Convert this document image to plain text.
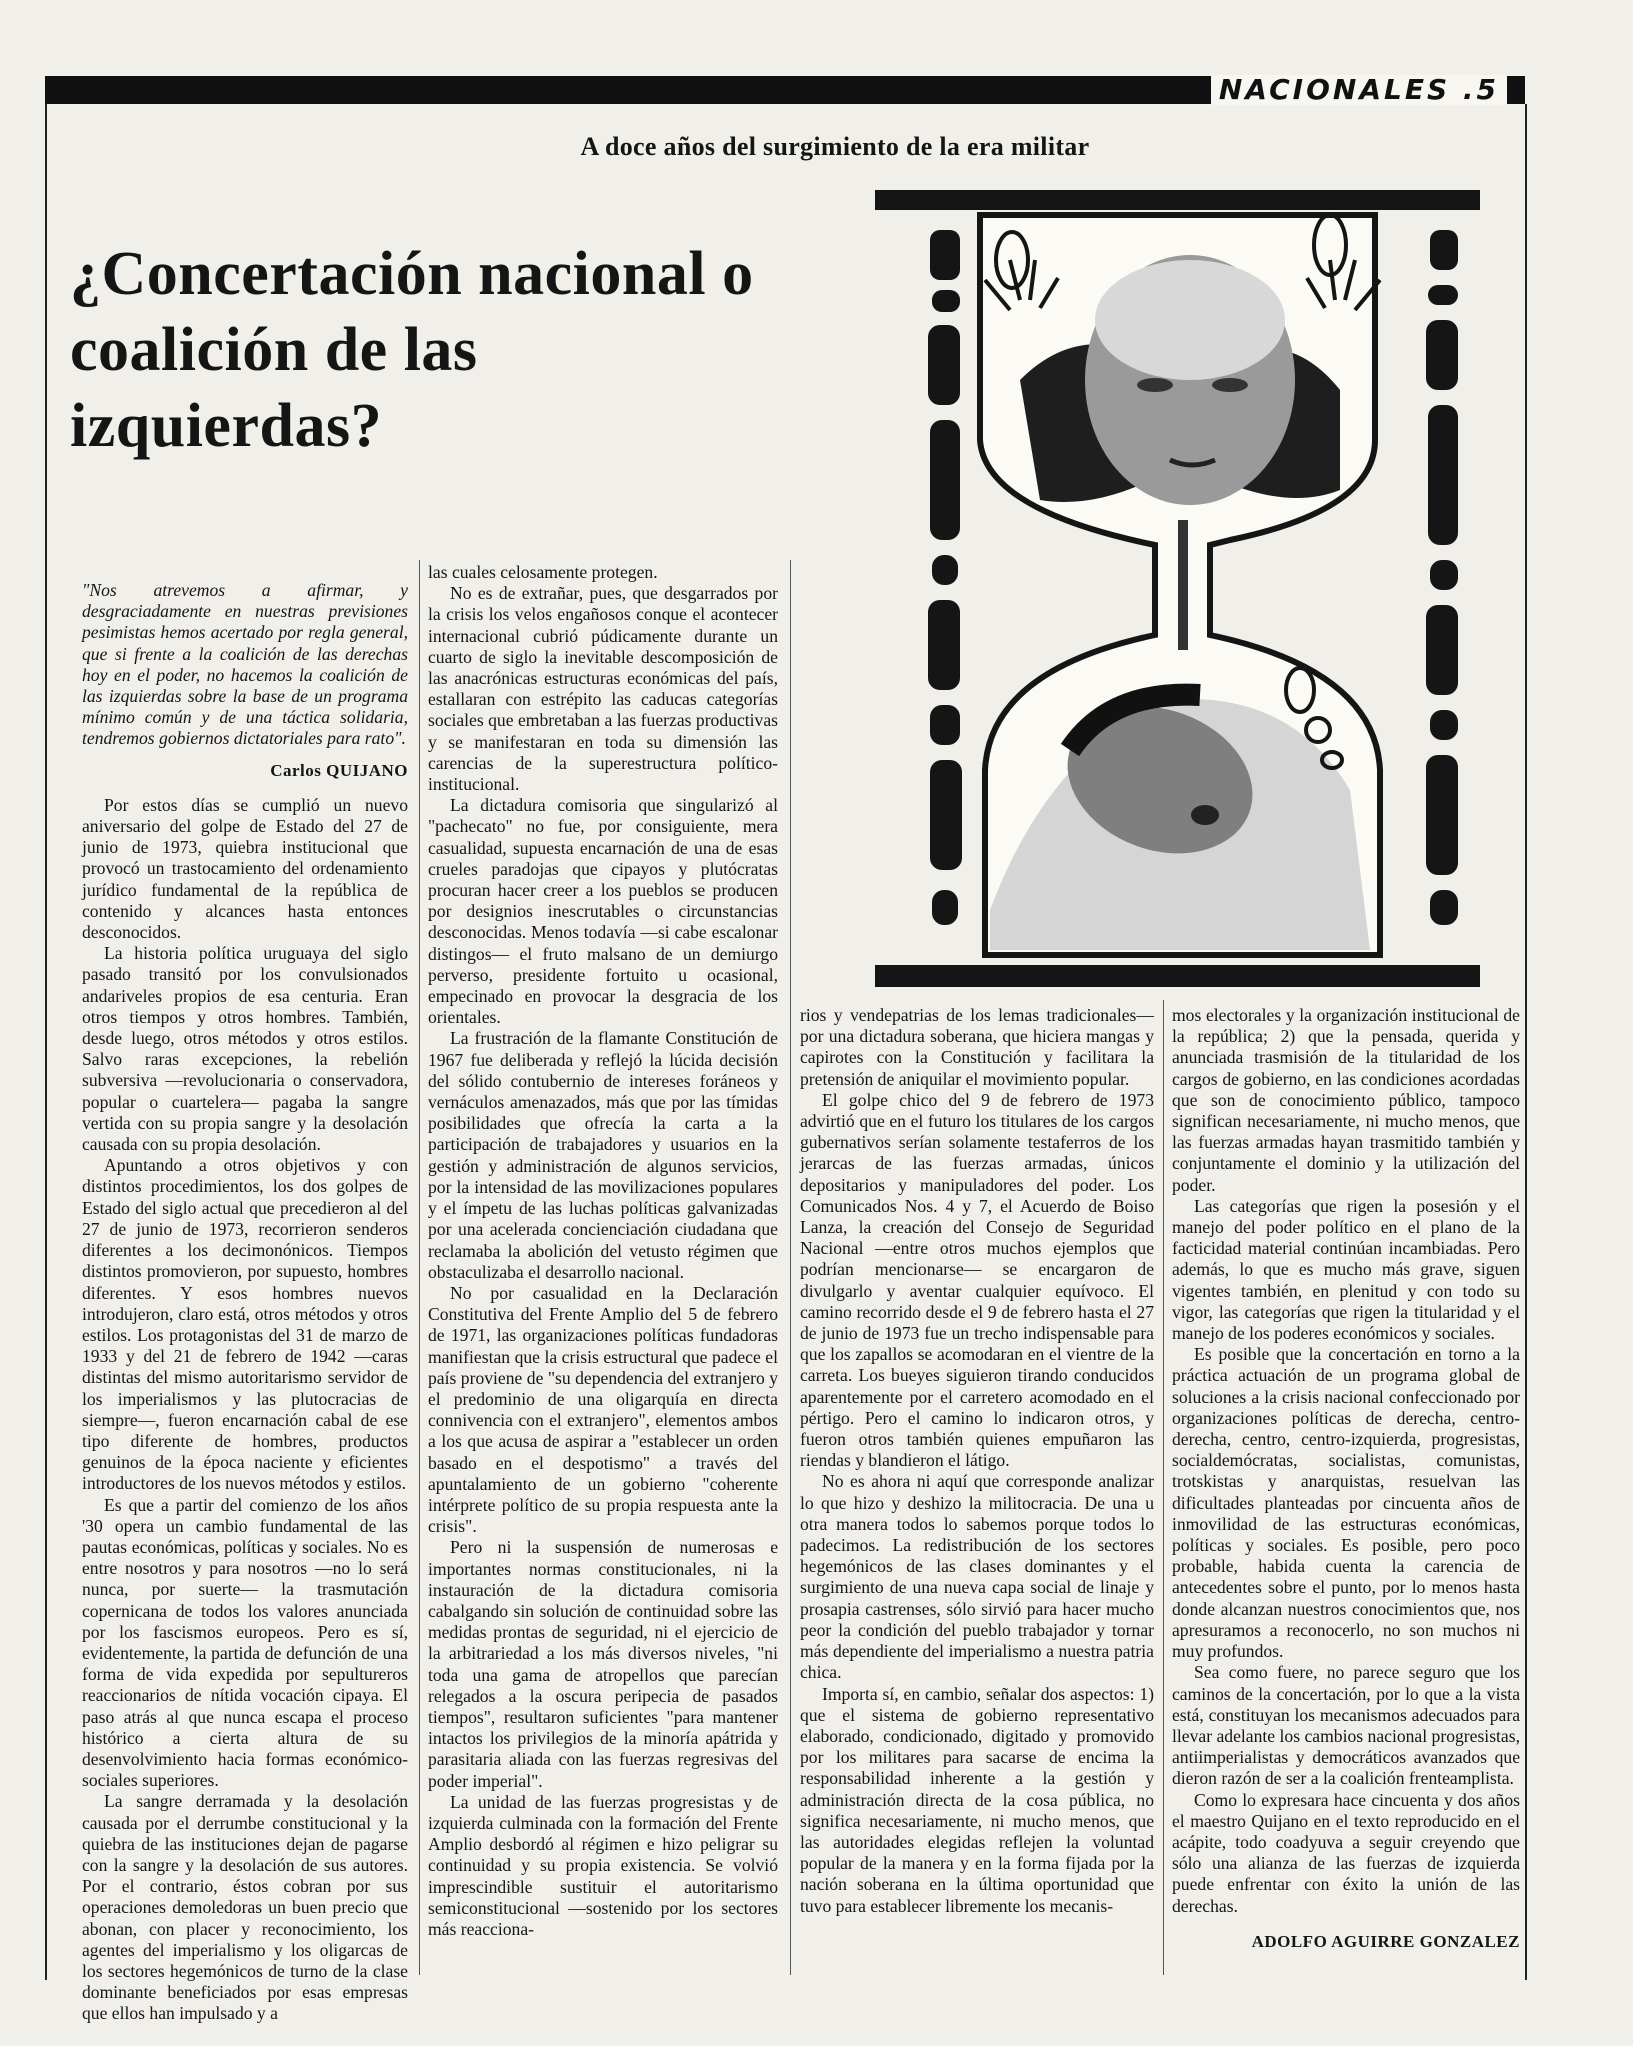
NACIONALES .5
A doce años del surgimiento de la era militar
¿Concertación nacional o coalición de las izquierdas?

"Nos atrevemos a afirmar, y desgraciadamente en nuestras previsiones pesimistas hemos acertado por regla general, que si frente a la coalición de las derechas hoy en el poder, no hacemos la coalición de las izquierdas sobre la base de un programa mínimo común y de una táctica solidaria, tendremos gobiernos dictatoriales para rato".

Carlos QUIJANO

Por estos días se cumplió un nuevo aniversario del golpe de Estado del 27 de junio de 1973, quiebra institucional que provocó un trastocamiento del ordenamiento jurídico fundamental de la república de contenido y alcances hasta entonces desconocidos.

La historia política uruguaya del siglo pasado transitó por los convulsionados andariveles propios de esa centuria. Eran otros tiempos y otros hombres. También, desde luego, otros métodos y otros estilos. Salvo raras excepciones, la rebelión subversiva —revolucionaria o conservadora, popular o cuartelera— pagaba la sangre vertida con su propia sangre y la desolación causada con su propia desolación.

Apuntando a otros objetivos y con distintos procedimientos, los dos golpes de Estado del siglo actual que precedieron al del 27 de junio de 1973, recorrieron senderos diferentes a los decimonónicos. Tiempos distintos promovieron, por supuesto, hombres diferentes. Y esos hombres nuevos introdujeron, claro está, otros métodos y otros estilos. Los protagonistas del 31 de marzo de 1933 y del 21 de febrero de 1942 —caras distintas del mismo autoritarismo servidor de los imperialismos y las plutocracias de siempre—, fueron encarnación cabal de ese tipo diferente de hombres, productos genuinos de la época naciente y eficientes introductores de los nuevos métodos y estilos.

Es que a partir del comienzo de los años '30 opera un cambio fundamental de las pautas económicas, políticas y sociales. No es entre nosotros y para nosotros —no lo será nunca, por suerte— la trasmutación copernicana de todos los valores anunciada por los fascismos europeos. Pero es sí, evidentemente, la partida de defunción de una forma de vida expedida por sepultureros reaccionarios de nítida vocación cipaya. El paso atrás al que nunca escapa el proceso histórico a cierta altura de su desenvolvimiento hacia formas económico-sociales superiores.

La sangre derramada y la desolación causada por el derrumbe constitucional y la quiebra de las instituciones dejan de pagarse con la sangre y la desolación de sus autores. Por el contrario, éstos cobran por sus operaciones demoledoras un buen precio que abonan, con placer y reconocimiento, los agentes del imperialismo y los oligarcas de los sectores hegemónicos de turno de la clase dominante beneficiados por esas empresas que ellos han impulsado y a

las cuales celosamente protegen.

No es de extrañar, pues, que desgarrados por la crisis los velos engañosos conque el acontecer internacional cubrió púdicamente durante un cuarto de siglo la inevitable descomposición de las anacrónicas estructuras económicas del país, estallaran con estrépito las caducas categorías sociales que embretaban a las fuerzas productivas y se manifestaran en toda su dimensión las carencias de la superestructura político-institucional.

La dictadura comisoria que singularizó al "pachecato" no fue, por consiguiente, mera casualidad, supuesta encarnación de una de esas crueles paradojas que cipayos y plutócratas procuran hacer creer a los pueblos se producen por designios inescrutables o circunstancias desconocidas. Menos todavía —si cabe escalonar distingos— el fruto malsano de un demiurgo perverso, presidente fortuito u ocasional, empecinado en provocar la desgracia de los orientales.

La frustración de la flamante Constitución de 1967 fue deliberada y reflejó la lúcida decisión del sólido contubernio de intereses foráneos y vernáculos amenazados, más que por las tímidas posibilidades que ofrecía la carta a la participación de trabajadores y usuarios en la gestión y administración de algunos servicios, por la intensidad de las movilizaciones populares y el ímpetu de las luchas políticas galvanizadas por una acelerada concienciación ciudadana que reclamaba la abolición del vetusto régimen que obstaculizaba el desarrollo nacional.

No por casualidad en la Declaración Constitutiva del Frente Amplio del 5 de febrero de 1971, las organizaciones políticas fundadoras manifiestan que la crisis estructural que padece el país proviene de "su dependencia del extranjero y el predominio de una oligarquía en directa connivencia con el extranjero", elementos ambos a los que acusa de aspirar a "establecer un orden basado en el despotismo" a través del apuntalamiento de un gobierno "coherente intérprete político de su propia respuesta ante la crisis".

Pero ni la suspensión de numerosas e importantes normas constitucionales, ni la instauración de la dictadura comisoria cabalgando sin solución de continuidad sobre las medidas prontas de seguridad, ni el ejercicio de la arbitrariedad a los más diversos niveles, "ni toda una gama de atropellos que parecían relegados a la oscura peripecia de pasados tiempos", resultaron suficientes "para mantener intactos los privilegios de la minoría apátrida y parasitaria aliada con las fuerzas regresivas del poder imperial".

La unidad de las fuerzas progresistas y de izquierda culminada con la formación del Frente Amplio desbordó al régimen e hizo peligrar su continuidad y su propia existencia. Se volvió imprescindible sustituir el autoritarismo semiconstitucional —sostenido por los sectores más reacciona-

rios y vendepatrias de los lemas tradicionales— por una dictadura soberana, que hiciera mangas y capirotes con la Constitución y facilitara la pretensión de aniquilar el movimiento popular.

El golpe chico del 9 de febrero de 1973 advirtió que en el futuro los titulares de los cargos gubernativos serían solamente testaferros de los jerarcas de las fuerzas armadas, únicos depositarios y manipuladores del poder. Los Comunicados Nos. 4 y 7, el Acuerdo de Boiso Lanza, la creación del Consejo de Seguridad Nacional —entre otros muchos ejemplos que podrían mencionarse— se encargaron de divulgarlo y aventar cualquier equívoco. El camino recorrido desde el 9 de febrero hasta el 27 de junio de 1973 fue un trecho indispensable para que los zapallos se acomodaran en el vientre de la carreta. Los bueyes siguieron tirando conducidos aparentemente por el carretero acomodado en el pértigo. Pero el camino lo indicaron otros, y fueron otros también quienes empuñaron las riendas y blandieron el látigo.

No es ahora ni aquí que corresponde analizar lo que hizo y deshizo la militocracia. De una u otra manera todos lo sabemos porque todos lo padecimos. La redistribución de los sectores hegemónicos de las clases dominantes y el surgimiento de una nueva capa social de linaje y prosapia castrenses, sólo sirvió para hacer mucho peor la condición del pueblo trabajador y tornar más dependiente del imperialismo a nuestra patria chica.

Importa sí, en cambio, señalar dos aspectos: 1) que el sistema de gobierno representativo elaborado, condicionado, digitado y promovido por los militares para sacarse de encima la responsabilidad inherente a la gestión y administración directa de la cosa pública, no significa necesariamente, ni mucho menos, que las autoridades elegidas reflejen la voluntad popular de la manera y en la forma fijada por la nación soberana en la última oportunidad que tuvo para establecer libremente los mecanis-

mos electorales y la organización institucional de la república; 2) que la pensada, querida y anunciada trasmisión de la titularidad de los cargos de gobierno, en las condiciones acordadas que son de conocimiento público, tampoco significan necesariamente, ni mucho menos, que las fuerzas armadas hayan trasmitido también y conjuntamente el dominio y la utilización del poder.

Las categorías que rigen la posesión y el manejo del poder político en el plano de la facticidad material continúan incambiadas. Pero además, lo que es mucho más grave, siguen vigentes también, en plenitud y con todo su vigor, las categorías que rigen la titularidad y el manejo de los poderes económicos y sociales.

Es posible que la concertación en torno a la práctica actuación de un programa global de soluciones a la crisis nacional confeccionado por organizaciones políticas de derecha, centro-derecha, centro, centro-izquierda, progresistas, socialdemócratas, socialistas, comunistas, trotskistas y anarquistas, resuelvan las dificultades planteadas por cincuenta años de inmovilidad de las estructuras económicas, políticas y sociales. Es posible, pero poco probable, habida cuenta la carencia de antecedentes sobre el punto, por lo menos hasta donde alcanzan nuestros conocimientos que, nos apresuramos a reconocerlo, no son muchos ni muy profundos.

Sea como fuere, no parece seguro que los caminos de la concertación, por lo que a la vista está, constituyan los mecanismos adecuados para llevar adelante los cambios nacional progresistas, antiimperialistas y democráticos avanzados que dieron razón de ser a la coalición frenteamplista.

Como lo expresara hace cincuenta y dos años el maestro Quijano en el texto reproducido en el acápite, todo coadyuva a seguir creyendo que sólo una alianza de las fuerzas de izquierda puede enfrentar con éxito la unión de las derechas.

ADOLFO AGUIRRE GONZALEZ
